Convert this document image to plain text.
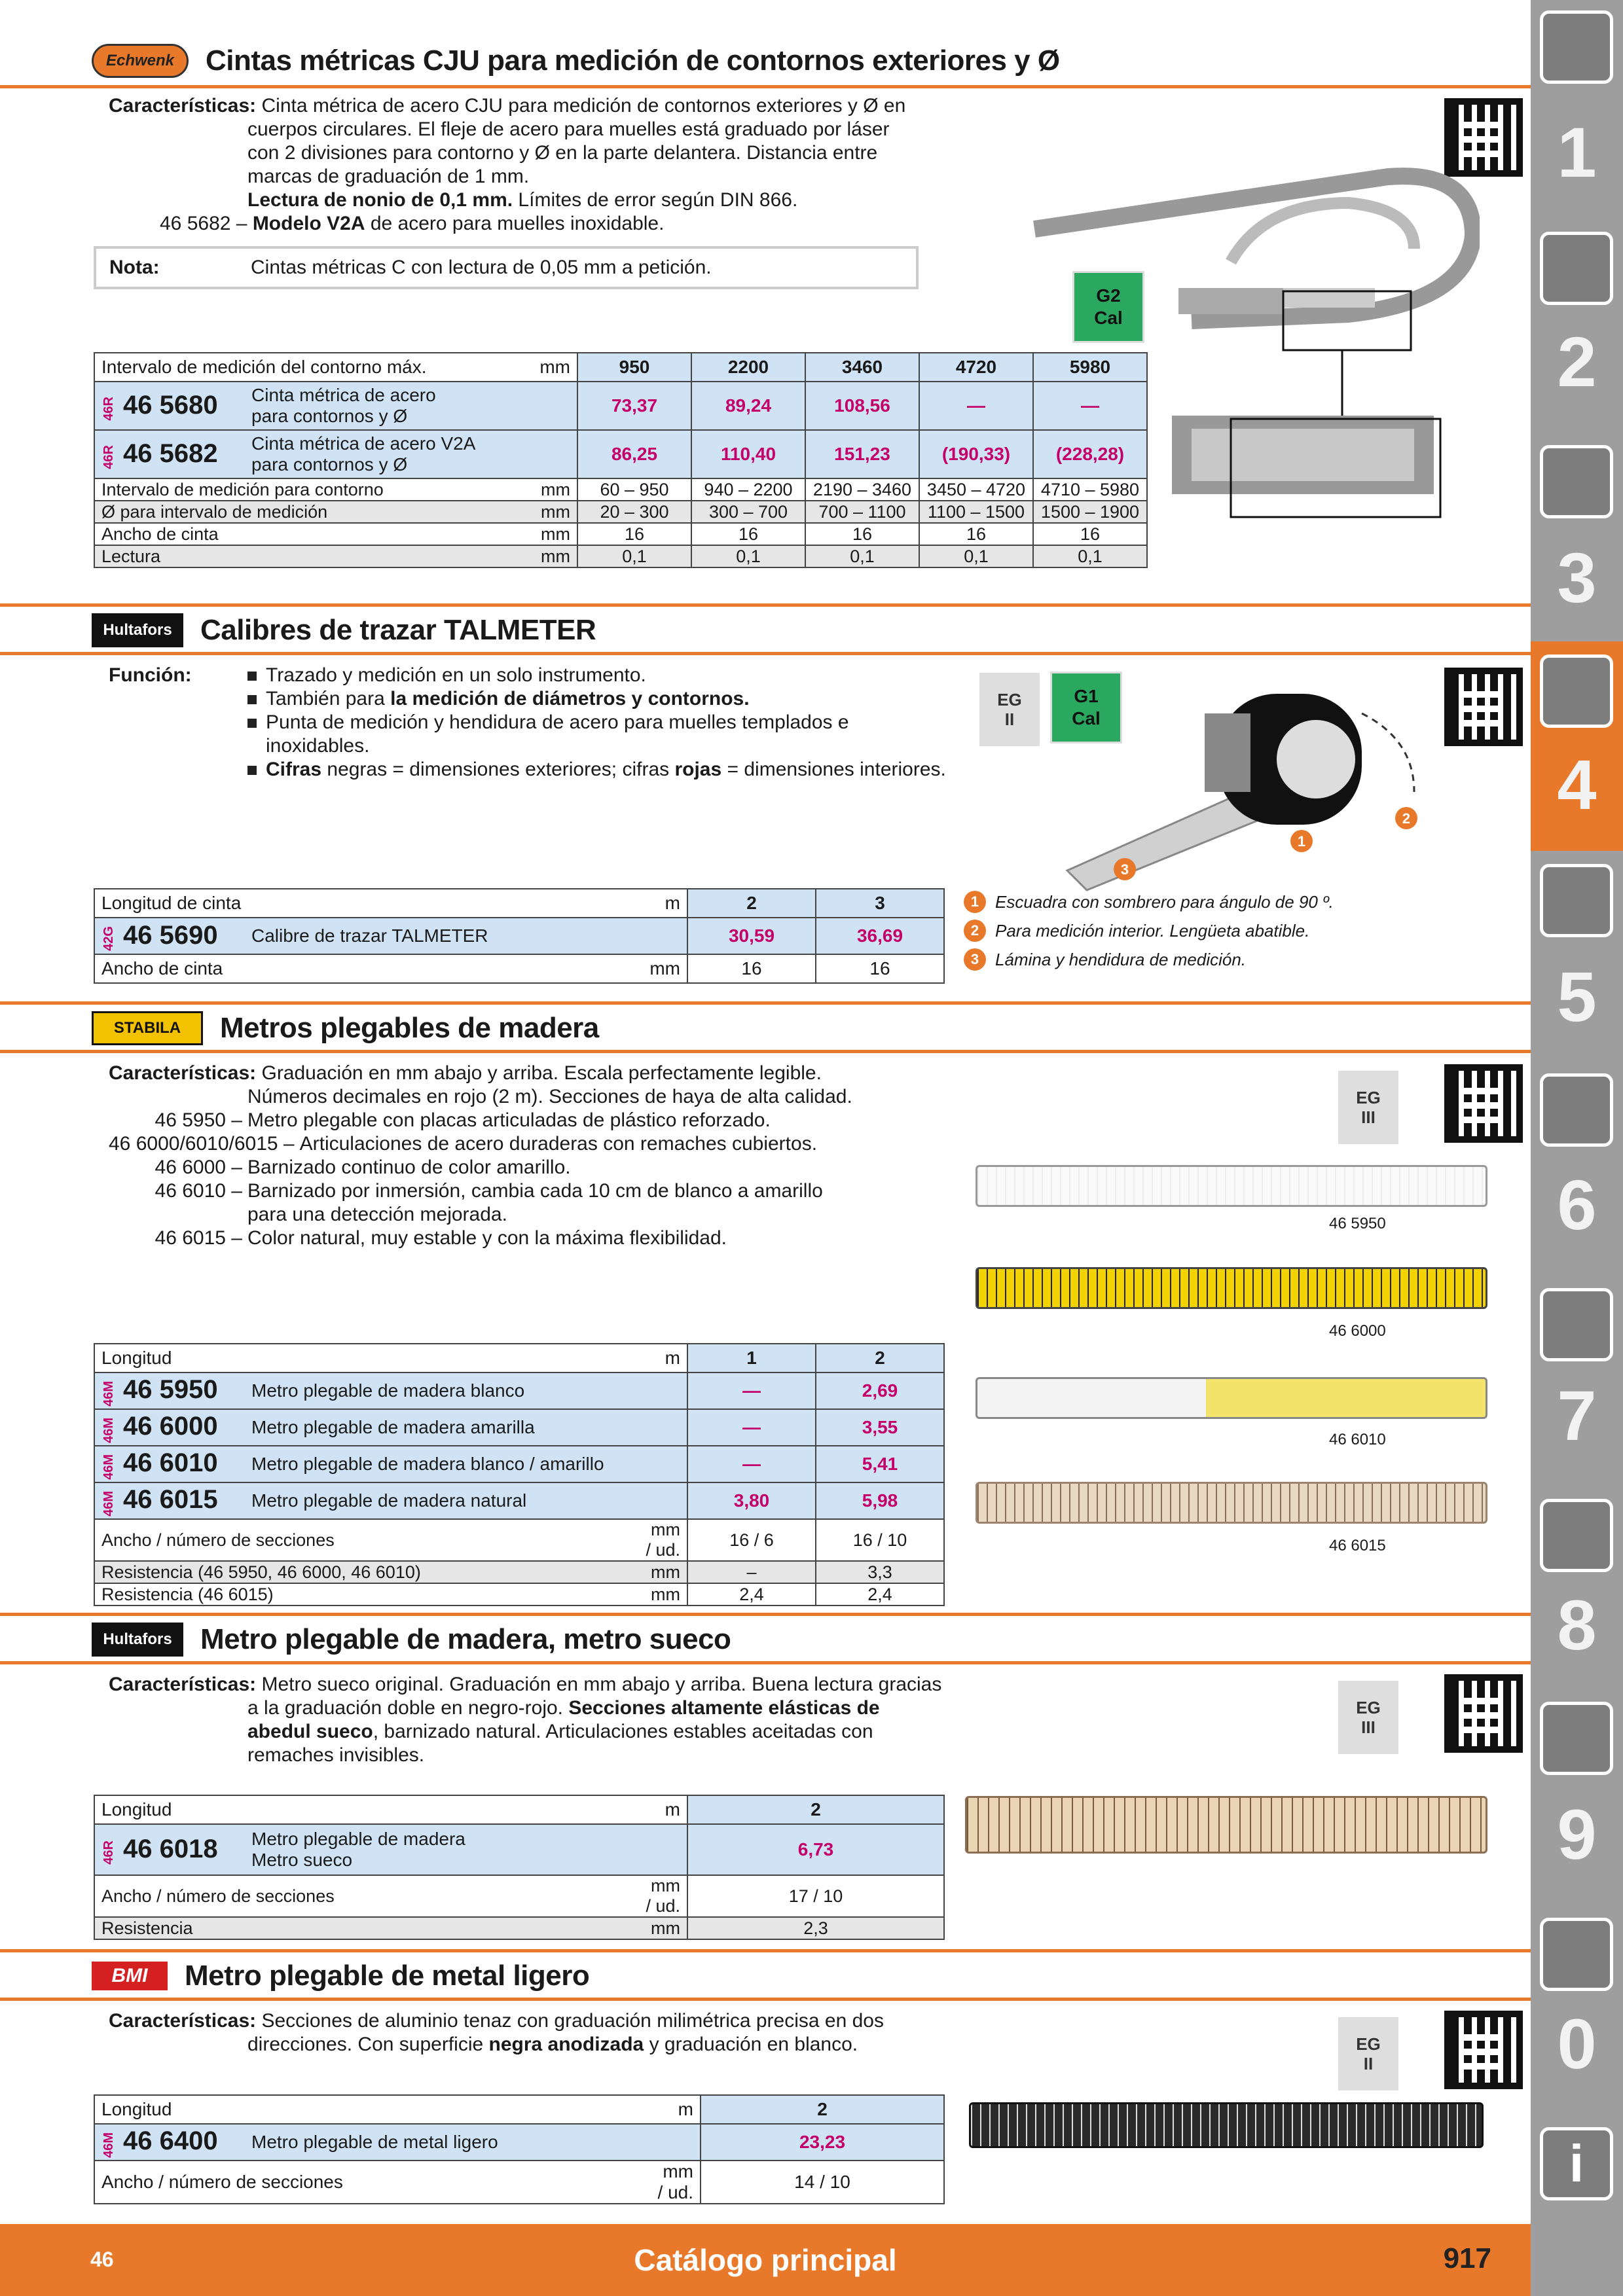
Echwenk Cintas métricas CJU para medición de contornos exteriores y Ø
Características: Cinta métrica de acero CJU para medición de contornos exteriores y Ø en
cuerpos circulares. El fleje de acero para muelles está graduado por láser
con 2 divisiones para contorno y Ø en la parte delantera. Distancia entre
marcas de graduación de 1 mm.
Lectura de nonio de 0,1 mm. Límites de error según DIN 866.
46 5682 – Modelo V2A de acero para muelles inoxidable.
Nota:	Cintas métricas C con lectura de 0,05 mm a petición.
G2
Cal
Intervalo de medición del contorno máx.		mm	950	2200	3460	4720	5980
46R 46 5680	Cinta métrica de acero
para contornos y Ø		73,37	89,24	108,56	—	—
46R 46 5682	Cinta métrica de acero V2A
para contornos y Ø		86,25	110,40	151,23	(190,33)	(228,28)
Intervalo de medición para contorno		mm	60 – 950	940 – 2200	2190 – 3460	3450 – 4720	4710 – 5980
Ø para intervalo de medición		mm	20 – 300	300 – 700	700 – 1100	1100 – 1500	1500 – 1900
Ancho de cinta		mm	16	16	16	16	16
Lectura		mm	0,1	0,1	0,1	0,1	0,1
Hultafors Calibres de trazar TALMETER
Función:	Trazado y medición en un solo instrumento.
También para la medición de diámetros y contornos.
Punta de medición y hendidura de acero para muelles templados e
inoxidables.
Cifras negras = dimensiones exteriores; cifras rojas = dimensiones interiores.
EG
II
G1
Cal
1
2
3
1 Escuadra con sombrero para ángulo de 90 º.
2 Para medición interior. Lengüeta abatible.
3 Lámina y hendidura de medición.
Longitud de cinta		m	2	3
42G 46 5690	Calibre de trazar TALMETER		30,59	36,69
Ancho de cinta		mm	16	16
STABILA Metros plegables de madera
Características: Graduación en mm abajo y arriba. Escala perfectamente legible.
Números decimales en rojo (2 m). Secciones de haya de alta calidad.
46 5950 – Metro plegable con placas articuladas de plástico reforzado.
46 6000/6010/6015 – Articulaciones de acero duraderas con remaches cubiertos.
46 6000 – Barnizado continuo de color amarillo.
46 6010 – Barnizado por inmersión, cambia cada 10 cm de blanco a amarillo
para una detección mejorada.
46 6015 – Color natural, muy estable y con la máxima flexibilidad.
EG
III
46 5950
46 6000
46 6010
46 6015
Longitud		m	1	2
46M 46 5950	Metro plegable de madera blanco		—	2,69
46M 46 6000	Metro plegable de madera amarilla		—	3,55
46M 46 6010	Metro plegable de madera blanco / amarillo		—	5,41
46M 46 6015	Metro plegable de madera natural		3,80	5,98
Ancho / número de secciones		mm / ud.	16 / 6	16 / 10
Resistencia (46 5950, 46 6000, 46 6010)		mm	–	3,3
Resistencia (46 6015)		mm	2,4	2,4
Hultafors Metro plegable de madera, metro sueco
Características: Metro sueco original. Graduación en mm abajo y arriba. Buena lectura gracias
a la graduación doble en negro-rojo. Secciones altamente elásticas de
abedul sueco, barnizado natural. Articulaciones estables aceitadas con
remaches invisibles.
EG
III
Longitud		m	2
46R 46 6018	Metro plegable de madera
Metro sueco		6,73
Ancho / número de secciones		mm / ud.	17 / 10
Resistencia		mm	2,3
BMI Metro plegable de metal ligero
Características: Secciones de aluminio tenaz con graduación milimétrica precisa en dos
direcciones. Con superficie negra anodizada y graduación en blanco.	EG
II
Longitud		m	2
46M 46 6400	Metro plegable de metal ligero		23,23
Ancho / número de secciones		mm / ud.	14 / 10
1
2
3
4
5
6
7
8
9
0
i
46	Catálogo principal	917
